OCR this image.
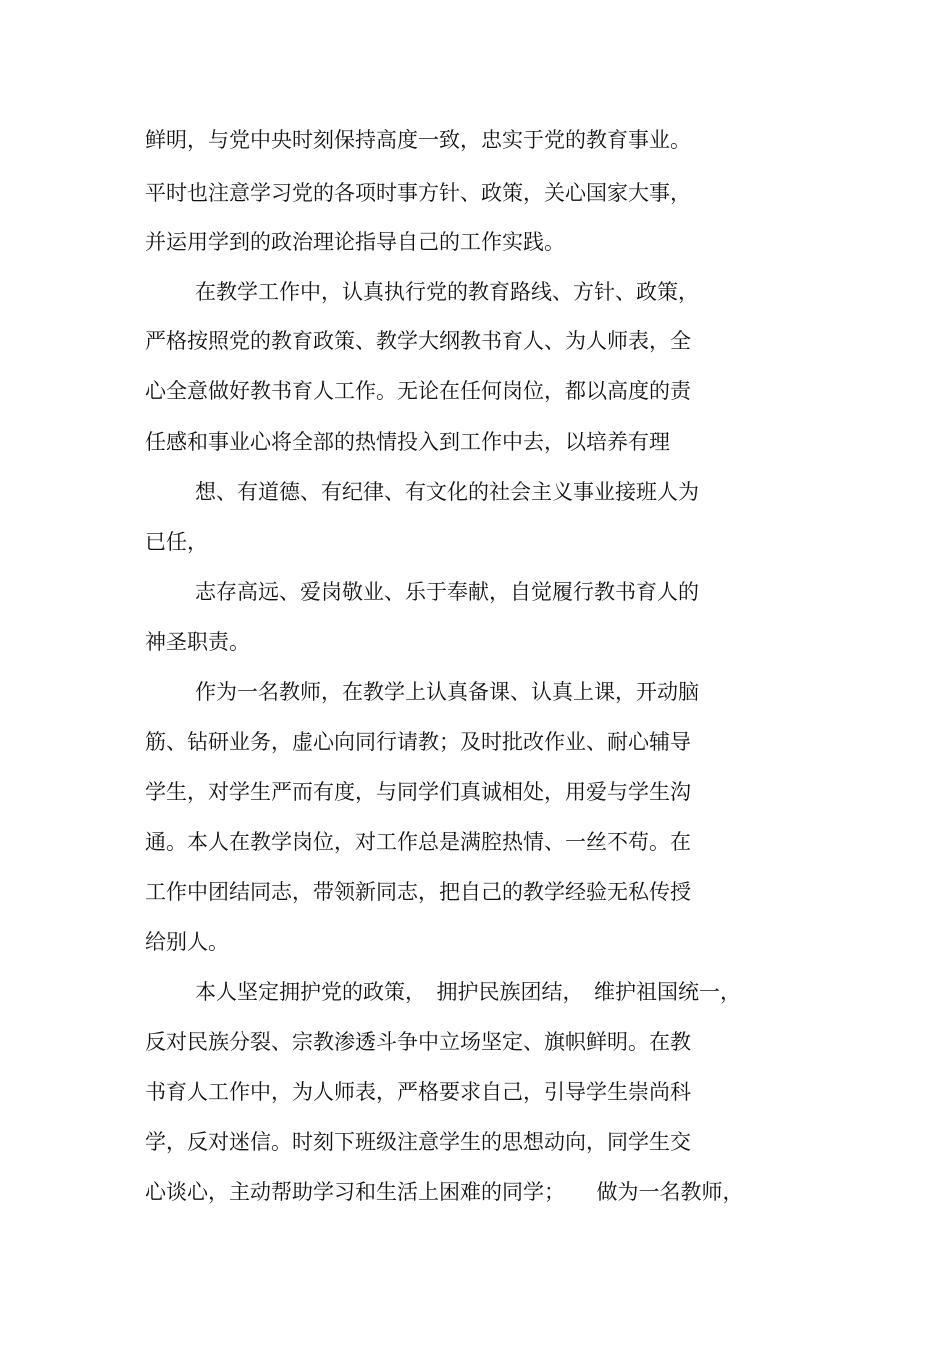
鲜明，与党中央时刻保持高度一致，忠实于党的教育事业。

平时也注意学习党的各项时事方针、政策，关心国家大事，

并运用学到的政治理论指导自己的工作实践。

在教学工作中，认真执行党的教育路线、方针、政策，

严格按照党的教育政策、教学大纲教书育人、为人师表，全

心全意做好教书育人工作。无论在任何岗位，都以高度的责

任感和事业心将全部的热情投入到工作中去，以培养有理

想、有道德、有纪律、有文化的社会主义事业接班人为

已任，

志存高远、爱岗敬业、乐于奉献，自觉履行教书育人的

神圣职责。

作为一名教师，在教学上认真备课、认真上课，开动脑

筋、钻研业务，虚心向同行请教；及时批改作业、耐心辅导

学生，对学生严而有度，与同学们真诚相处，用爱与学生沟

通。本人在教学岗位，对工作总是满腔热情、一丝不苟。在

工作中团结同志，带领新同志，把自己的教学经验无私传授

给别人。

本人坚定拥护党的政策，　拥护民族团结，　维护祖国统一，

反对民族分裂、宗教渗透斗争中立场坚定、旗帜鲜明。在教

书育人工作中，为人师表，严格要求自己，引导学生崇尚科

学，反对迷信。时刻下班级注意学生的思想动向，同学生交

心谈心，主动帮助学习和生活上困难的同学；　　做为一名教师，
